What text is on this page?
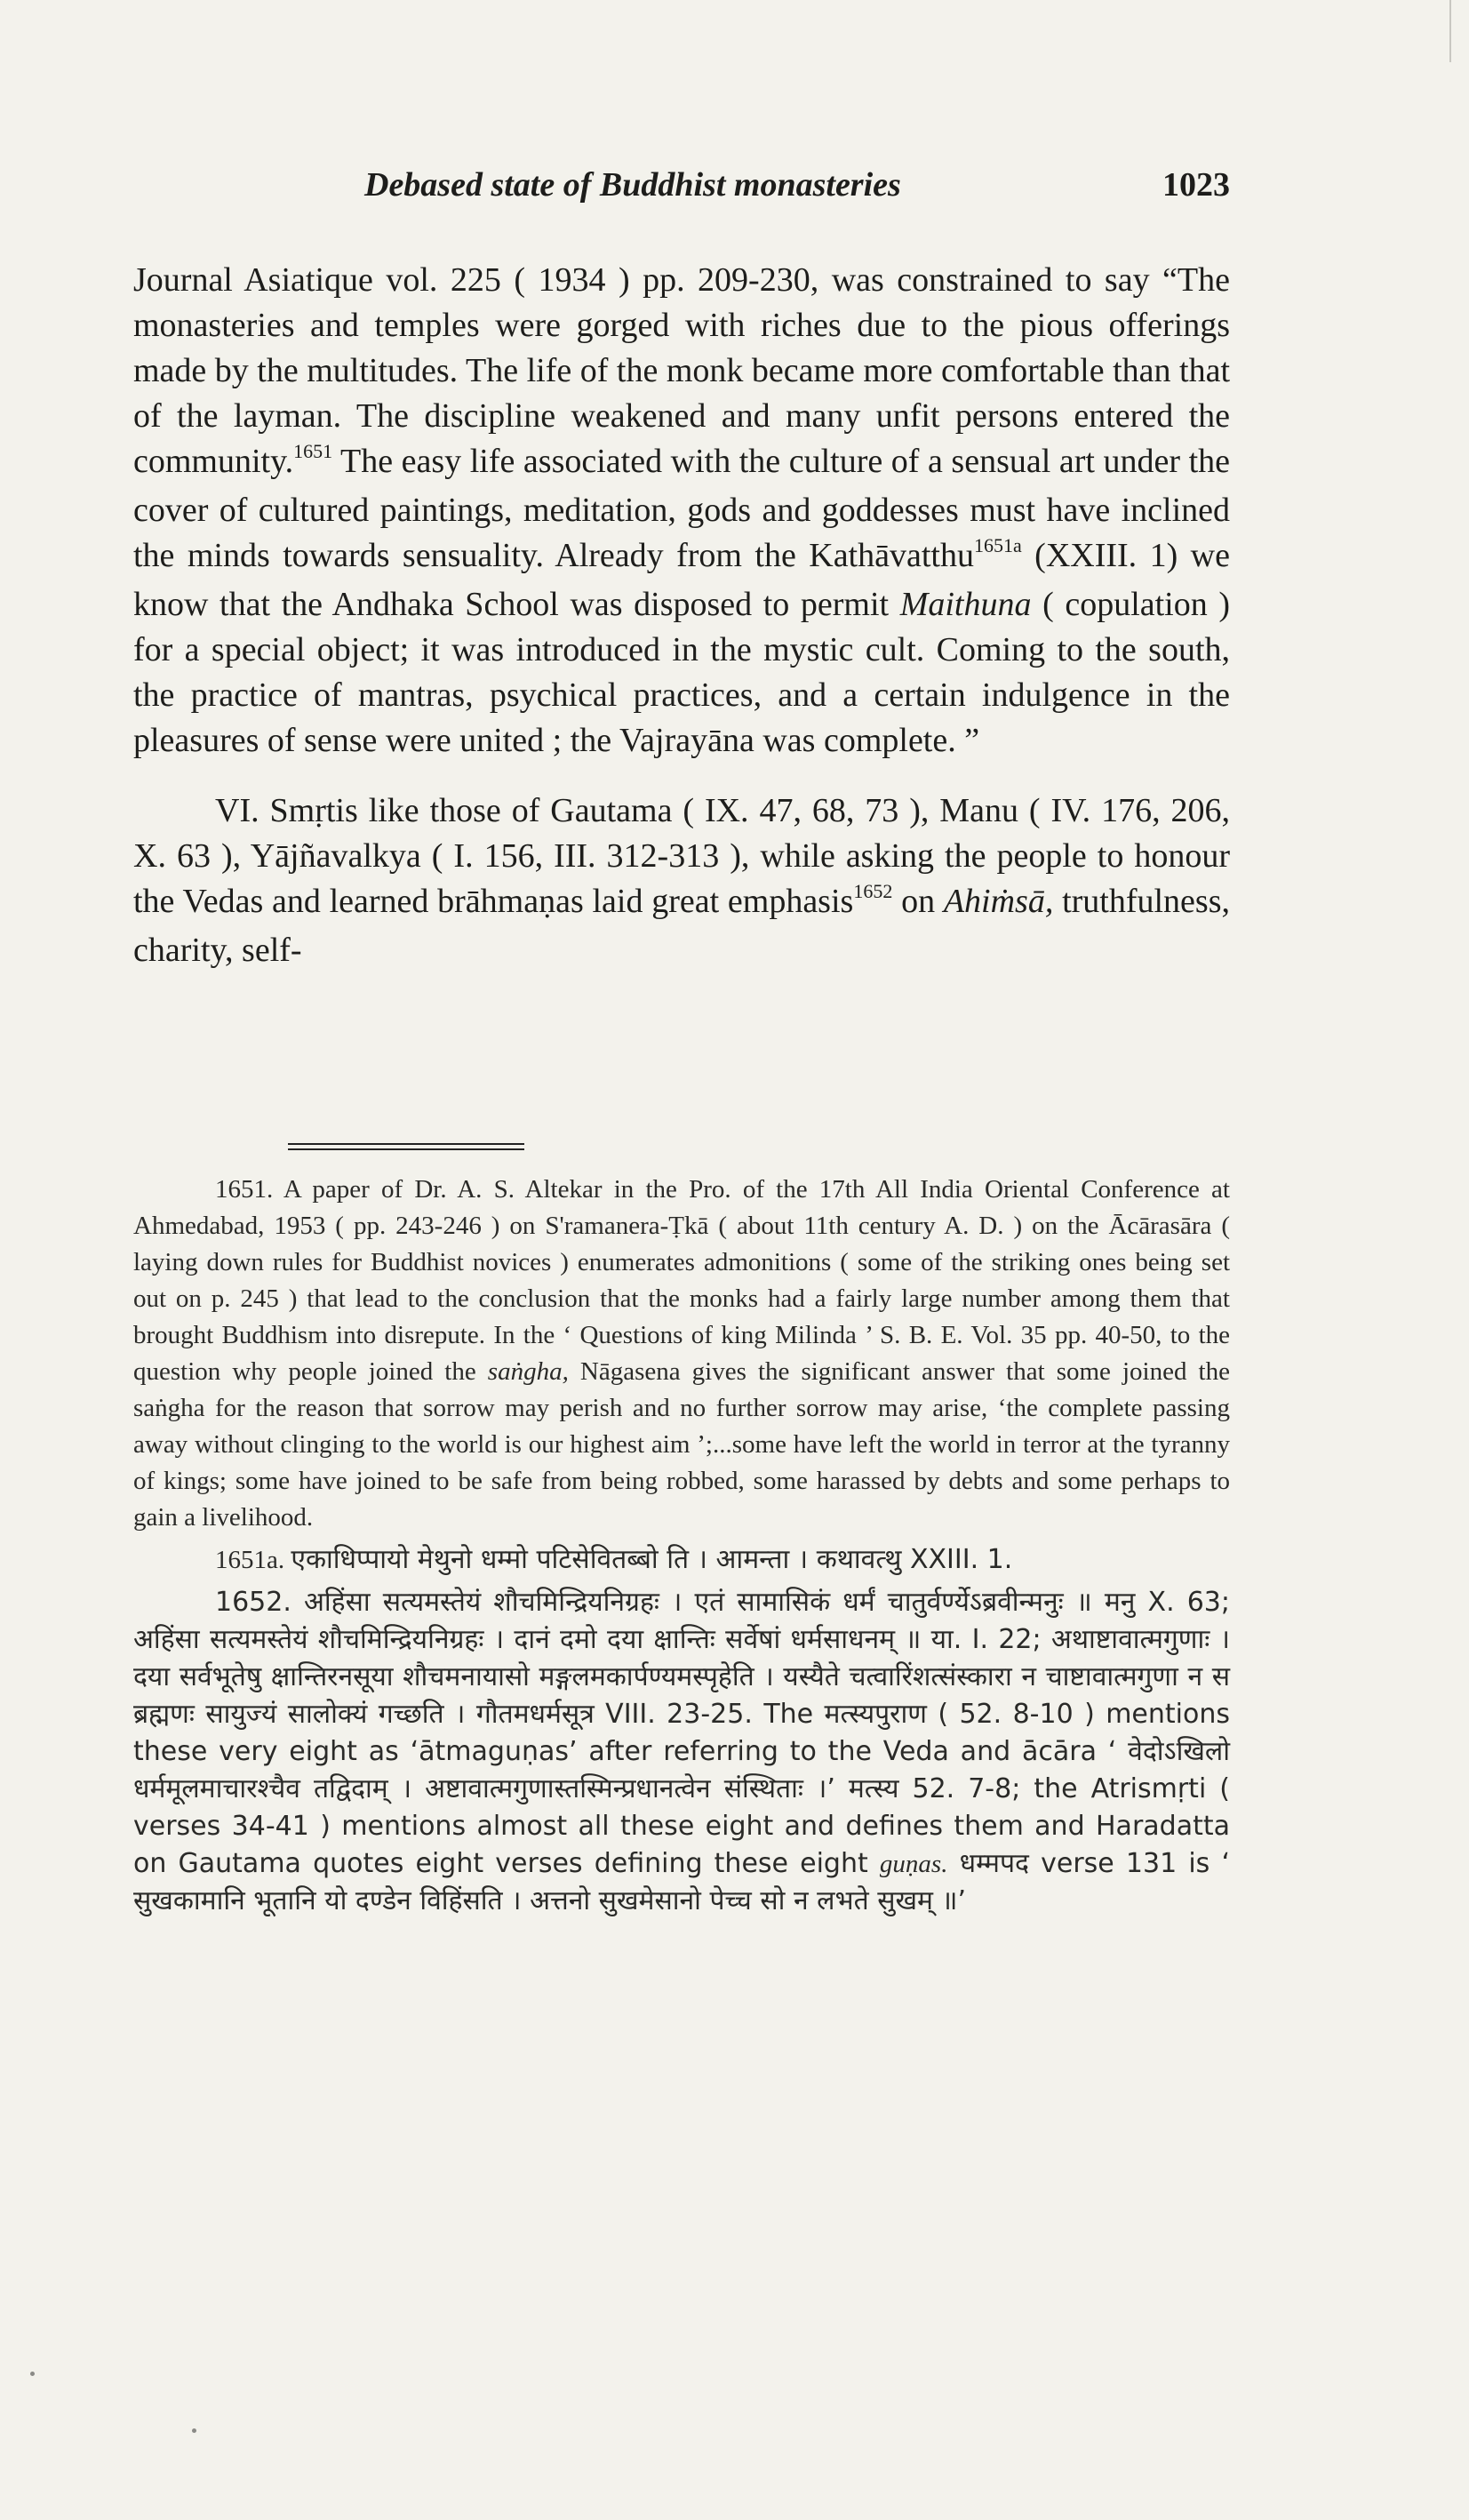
Debased state of Buddhist monasteries	1023

Journal Asiatique vol. 225 ( 1934 ) pp. 209-230, was constrained to say “The monasteries and temples were gorged with riches due to the pious offerings made by the multitudes. The life of the monk became more comfortable than that of the layman. The discipline weakened and many unfit persons entered the community.$^{1651}$ The easy life associated with the culture of a sensual art under the cover of cultured paintings, meditation, gods and goddesses must have inclined the minds towards sensuality. Already from the Kathāvatthu$^{1651a}$ (XXIII. 1) we know that the Andhaka School was disposed to permit Maithuna ( copulation ) for a special object; it was introduced in the mystic cult. Coming to the south, the practice of mantras, psychical practices, and a certain indulgence in the pleasures of sense were united ; the Vajrayāna was complete. ”

VI. Smṛtis like those of Gautama ( IX. 47, 68, 73 ), Manu ( IV. 176, 206, X. 63 ), Yājñavalkya ( I. 156, III. 312-313 ), while asking the people to honour the Vedas and learned brāhmaṇas laid great emphasis$^{1652}$ on Ahiṁsā, truthfulness, charity, self-

1651. A paper of Dr. A. S. Altekar in the Pro. of the 17th All India Oriental Conference at Ahmedabad, 1953 ( pp. 243-246 ) on S'ramanera-Ṭkā ( about 11th century A. D. ) on the Ācārasāra ( laying down rules for Buddhist novices ) enumerates admonitions ( some of the striking ones being set out on p. 245 ) that lead to the conclusion that the monks had a fairly large number among them that brought Buddhism into disrepute. In the ‘ Questions of king Milinda ’ S. B. E. Vol. 35 pp. 40-50, to the question why people joined the saṅgha, Nāgasena gives the significant answer that some joined the saṅgha for the reason that sorrow may perish and no further sorrow may arise, ‘the complete passing away without clinging to the world is our highest aim ’;...some have left the world in terror at the tyranny of kings; some have joined to be safe from being robbed, some harassed by debts and some perhaps to gain a livelihood.

1651a. एकाधिप्पायो मेथुनो धम्मो पटिसेवितब्बो ति । आमन्ता । कथावत्थु XXIII. 1.

1652. अहिंसा सत्यमस्तेयं शौचमिन्द्रियनिग्रहः । एतं सामासिकं धर्मं चातुर्वर्ण्येऽब्रवीन्मनुः ॥ मनु X. 63; अहिंसा सत्यमस्तेयं शौचमिन्द्रियनिग्रहः । दानं दमो दया क्षान्तिः सर्वेषां धर्मसाधनम् ॥ या. I. 22; अथाष्टावात्मगुणाः । दया सर्वभूतेषु क्षान्तिरनसूया शौचमनायासो मङ्गलमकार्पण्यमस्पृहेति । यस्यैते चत्वारिंशत्संस्कारा न चाष्टावात्मगुणा न स ब्रह्मणः सायुज्यं सालोक्यं गच्छति । गौतमधर्मसूत्र VIII. 23-25. The मत्स्यपुराण ( 52. 8-10 ) mentions these very eight as ‘ātmaguṇas’ after referring to the Veda and ācāra ‘ वेदोऽखिलो धर्ममूलमाचारश्चैव तद्विदाम् । अष्टावात्मगुणास्तस्मिन्प्रधानत्वेन संस्थिताः ।’ मत्स्य 52. 7-8; the Atrismṛti ( verses 34-41 ) mentions almost all these eight and defines them and Haradatta on Gautama quotes eight verses defining these eight guṇas. धम्मपद verse 131 is ‘ सुखकामानि भूतानि यो दण्डेन विहिंसति । अत्तनो सुखमेसानो पेच्च सो न लभते सुखम् ॥’
